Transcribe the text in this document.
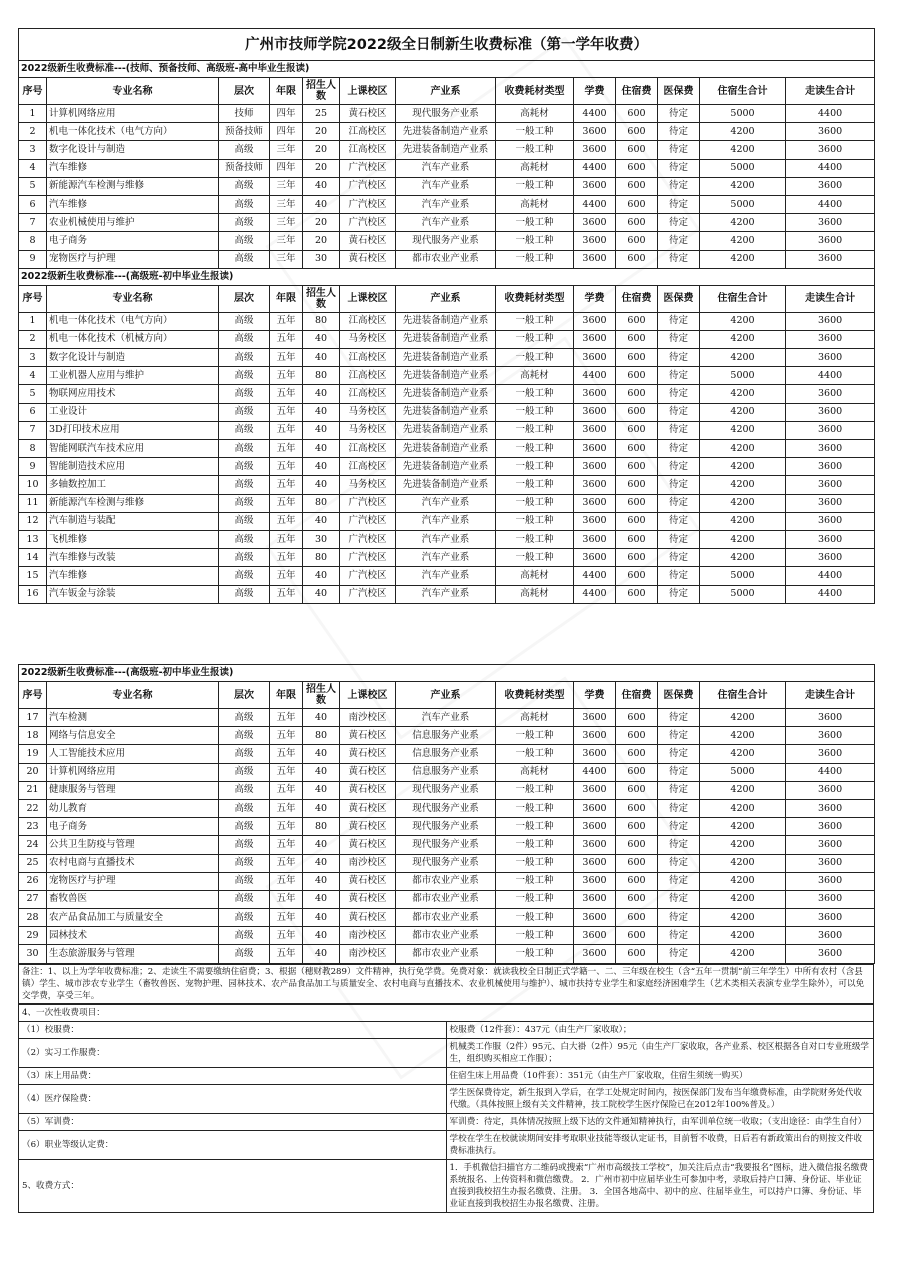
广州市技师学院2022级全日制新生收费标准（第一学年收费）												
2022级新生收费标准---(技师、预备技师、高级班-高中毕业生报读)												
序号	专业名称	层次	年限	招生人数	上课校区	产业系	收费耗材类型	学费	住宿费	医保费	住宿生合计	走读生合计
1	计算机网络应用	技师	四年	25	黄石校区	现代服务产业系	高耗材	4400	600	待定	5000	4400
2	机电一体化技术（电气方向）	预备技师	四年	20	江高校区	先进装备制造产业系	一般工种	3600	600	待定	4200	3600
3	数字化设计与制造	高级	三年	20	江高校区	先进装备制造产业系	一般工种	3600	600	待定	4200	3600
4	汽车维修	预备技师	四年	20	广汽校区	汽车产业系	高耗材	4400	600	待定	5000	4400
5	新能源汽车检测与维修	高级	三年	40	广汽校区	汽车产业系	一般工种	3600	600	待定	4200	3600
6	汽车维修	高级	三年	40	广汽校区	汽车产业系	高耗材	4400	600	待定	5000	4400
7	农业机械使用与维护	高级	三年	20	广汽校区	汽车产业系	一般工种	3600	600	待定	4200	3600
8	电子商务	高级	三年	20	黄石校区	现代服务产业系	一般工种	3600	600	待定	4200	3600
9	宠物医疗与护理	高级	三年	30	黄石校区	都市农业产业系	一般工种	3600	600	待定	4200	3600
2022级新生收费标准---(高级班-初中毕业生报读)												
序号	专业名称	层次	年限	招生人数	上课校区	产业系	收费耗材类型	学费	住宿费	医保费	住宿生合计	走读生合计
1	机电一体化技术（电气方向）	高级	五年	80	江高校区	先进装备制造产业系	一般工种	3600	600	待定	4200	3600
2	机电一体化技术（机械方向）	高级	五年	40	马务校区	先进装备制造产业系	一般工种	3600	600	待定	4200	3600
3	数字化设计与制造	高级	五年	40	江高校区	先进装备制造产业系	一般工种	3600	600	待定	4200	3600
4	工业机器人应用与维护	高级	五年	80	江高校区	先进装备制造产业系	高耗材	4400	600	待定	5000	4400
5	物联网应用技术	高级	五年	40	江高校区	先进装备制造产业系	一般工种	3600	600	待定	4200	3600
6	工业设计	高级	五年	40	马务校区	先进装备制造产业系	一般工种	3600	600	待定	4200	3600
7	3D打印技术应用	高级	五年	40	马务校区	先进装备制造产业系	一般工种	3600	600	待定	4200	3600
8	智能网联汽车技术应用	高级	五年	40	江高校区	先进装备制造产业系	一般工种	3600	600	待定	4200	3600
9	智能制造技术应用	高级	五年	40	江高校区	先进装备制造产业系	一般工种	3600	600	待定	4200	3600
10	多轴数控加工	高级	五年	40	马务校区	先进装备制造产业系	一般工种	3600	600	待定	4200	3600
11	新能源汽车检测与维修	高级	五年	80	广汽校区	汽车产业系	一般工种	3600	600	待定	4200	3600
12	汽车制造与装配	高级	五年	40	广汽校区	汽车产业系	一般工种	3600	600	待定	4200	3600
13	飞机维修	高级	五年	30	广汽校区	汽车产业系	一般工种	3600	600	待定	4200	3600
14	汽车维修与改装	高级	五年	80	广汽校区	汽车产业系	一般工种	3600	600	待定	4200	3600
15	汽车维修	高级	五年	40	广汽校区	汽车产业系	高耗材	4400	600	待定	5000	4400
16	汽车钣金与涂装	高级	五年	40	广汽校区	汽车产业系	高耗材	4400	600	待定	5000	4400
2022级新生收费标准---(高级班-初中毕业生报读)												
序号	专业名称	层次	年限	招生人数	上课校区	产业系	收费耗材类型	学费	住宿费	医保费	住宿生合计	走读生合计
17	汽车检测	高级	五年	40	南沙校区	汽车产业系	高耗材	3600	600	待定	4200	3600
18	网络与信息安全	高级	五年	80	黄石校区	信息服务产业系	一般工种	3600	600	待定	4200	3600
19	人工智能技术应用	高级	五年	40	黄石校区	信息服务产业系	一般工种	3600	600	待定	4200	3600
20	计算机网络应用	高级	五年	40	黄石校区	信息服务产业系	高耗材	4400	600	待定	5000	4400
21	健康服务与管理	高级	五年	40	黄石校区	现代服务产业系	一般工种	3600	600	待定	4200	3600
22	幼儿教育	高级	五年	40	黄石校区	现代服务产业系	一般工种	3600	600	待定	4200	3600
23	电子商务	高级	五年	80	黄石校区	现代服务产业系	一般工种	3600	600	待定	4200	3600
24	公共卫生防疫与管理	高级	五年	40	黄石校区	现代服务产业系	一般工种	3600	600	待定	4200	3600
25	农村电商与直播技术	高级	五年	40	南沙校区	现代服务产业系	一般工种	3600	600	待定	4200	3600
26	宠物医疗与护理	高级	五年	40	黄石校区	都市农业产业系	一般工种	3600	600	待定	4200	3600
27	畜牧兽医	高级	五年	40	黄石校区	都市农业产业系	一般工种	3600	600	待定	4200	3600
28	农产品食品加工与质量安全	高级	五年	40	黄石校区	都市农业产业系	一般工种	3600	600	待定	4200	3600
29	园林技术	高级	五年	40	南沙校区	都市农业产业系	一般工种	3600	600	待定	4200	3600
30	生态旅游服务与管理	高级	五年	40	南沙校区	都市农业产业系	一般工种	3600	600	待定	4200	3600
备注：1、以上为学年收费标准；2、走读生不需要缴纳住宿费；3、根据（穗财教289）文件精神，执行免学费。免费对象：就读我校全日制正式学籍一、二、三年级在校生（含“五年一贯制”前三年学生）中所有农村（含县镇）学生、城市涉农专业学生（畜牧兽医、宠物护理、园林技术、农产品食品加工与质量安全、农村电商与直播技术、农业机械使用与维护）、城市扶持专业学生和家庭经济困难学生（艺术类相关表演专业学生除外），可以免交学费，享受三年。
4、一次性收费项目：	
（1）校服费：	校服费（12件套）：437元（由生产厂家收取）；
（2）实习工作服费：	机械类工作服（2件）95元、白大褂（2件）95元（由生产厂家收取，各产业系、校区根据各自对口专业班级学生，组织购买相应工作服）；
（3）床上用品费：	住宿生床上用品费（10件套）：351元（由生产厂家收取，住宿生须统一购买）
（4）医疗保险费：	学生医保费待定，新生报到入学后，在学工处规定时间内，按医保部门发布当年缴费标准，由学院财务处代收代缴。（具体按照上级有关文件精神，技工院校学生医疗保险已在2012年100%普及。）
（5）军训费：	军训费：待定，具体情况按照上级下达的文件通知精神执行，由军训单位统一收取；（支出途径：由学生自付）
（6）职业等级认定费：	学校在学生在校就读期间安排考取职业技能等级认定证书，目前暂不收费，日后若有新政策出台的则按文件收费标准执行。
5、收费方式：	1．手机微信扫描官方二维码或搜索“广州市高级技工学校”，加关注后点击“我要报名”图标，进入微信报名缴费系统报名、上传资料和微信缴费。 2．广州市初中应届毕业生可参加中考，录取后持户口簿、身份证、毕业证直接到我校招生办报名缴费、注册。 3．全国各地高中、初中的应、往届毕业生，可以持户口簿、身份证、毕业证直接到我校招生办报名缴费、注册。
